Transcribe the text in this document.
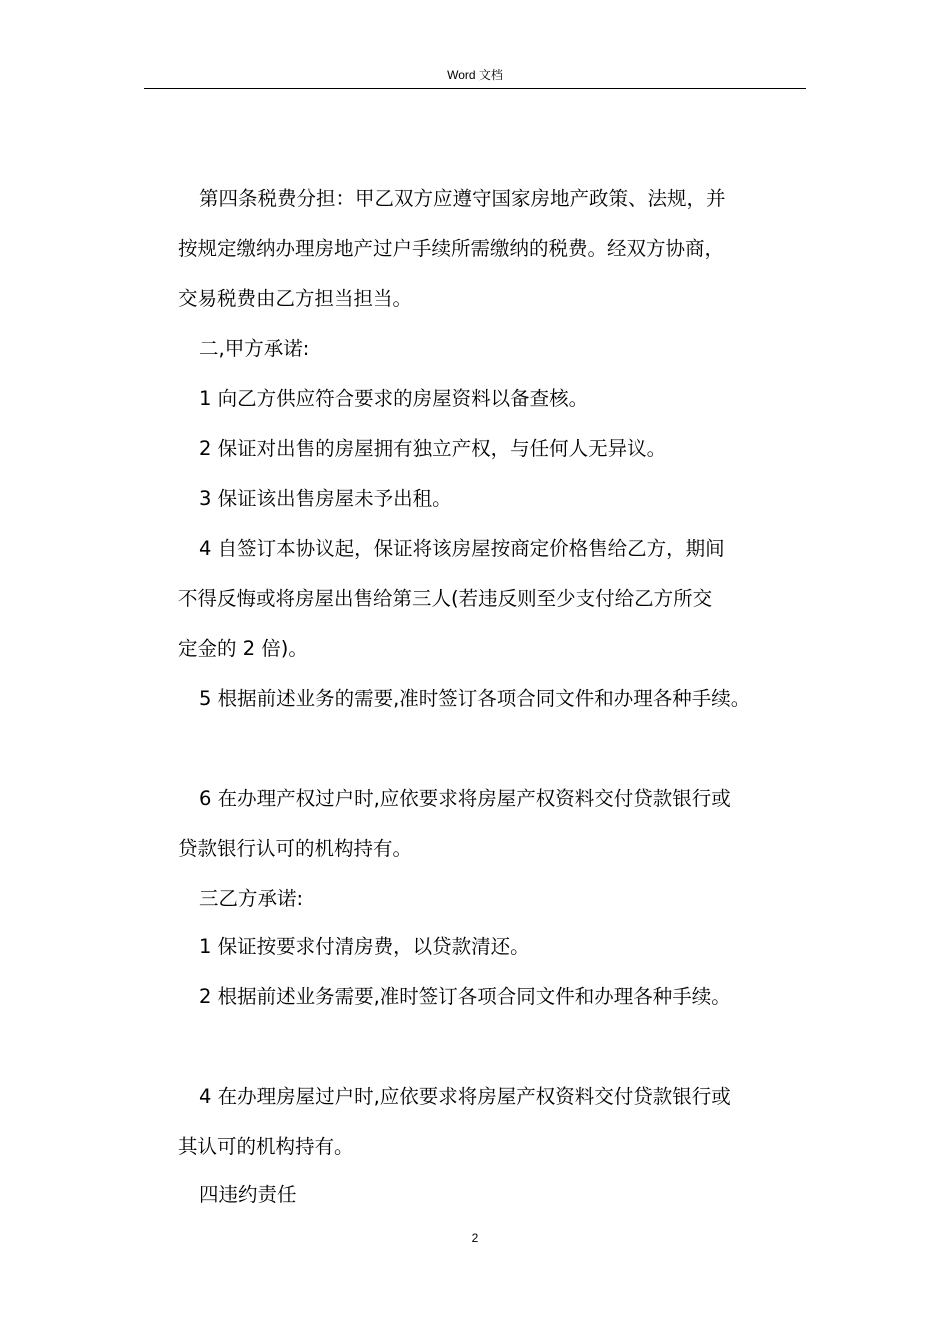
Word 文档
第四条税费分担：甲乙双方应遵守国家房地产政策、法规，并
按规定缴纳办理房地产过户手续所需缴纳的税费。经双方协商，
交易税费由乙方担当担当。
二,甲方承诺:
1 向乙方供应符合要求的房屋资料以备查核。
2 保证对出售的房屋拥有独立产权，与任何人无异议。
3 保证该出售房屋未予出租。
4 自签订本协议起，保证将该房屋按商定价格售给乙方，期间
不得反悔或将房屋出售给第三人(若违反则至少支付给乙方所交
定金的 2 倍)。
5 根据前述业务的需要,准时签订各项合同文件和办理各种手续。
6 在办理产权过户时,应依要求将房屋产权资料交付贷款银行或
贷款银行认可的机构持有。
三乙方承诺:
1 保证按要求付清房费，以贷款清还。
2 根据前述业务需要,准时签订各项合同文件和办理各种手续。
4 在办理房屋过户时,应依要求将房屋产权资料交付贷款银行或
其认可的机构持有。
四违约责任
2
